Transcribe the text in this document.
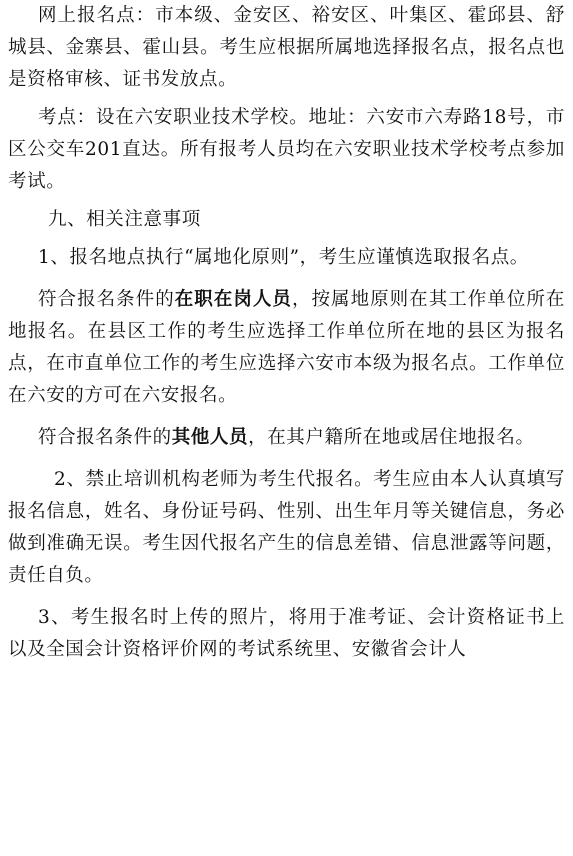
网上报名点：市本级、金安区、裕安区、叶集区、霍邱县、舒城县、金寨县、霍山县。考生应根据所属地选择报名点，报名点也是资格审核、证书发放点。

考点：设在六安职业技术学校。地址：六安市六寿路18号，市区公交车201直达。所有报考人员均在六安职业技术学校考点参加考试。

九、相关注意事项

1、报名地点执行“属地化原则”，考生应谨慎选取报名点。

符合报名条件的在职在岗人员，按属地原则在其工作单位所在地报名。在县区工作的考生应选择工作单位所在地的县区为报名点，在市直单位工作的考生应选择六安市本级为报名点。工作单位在六安的方可在六安报名。

符合报名条件的其他人员，在其户籍所在地或居住地报名。

2、禁止培训机构老师为考生代报名。考生应由本人认真填写报名信息，姓名、身份证号码、性别、出生年月等关键信息，务必做到准确无误。考生因代报名产生的信息差错、信息泄露等问题，责任自负。

3、考生报名时上传的照片，将用于准考证、会计资格证书上以及全国会计资格评价网的考试系统里、安徽省会计人
